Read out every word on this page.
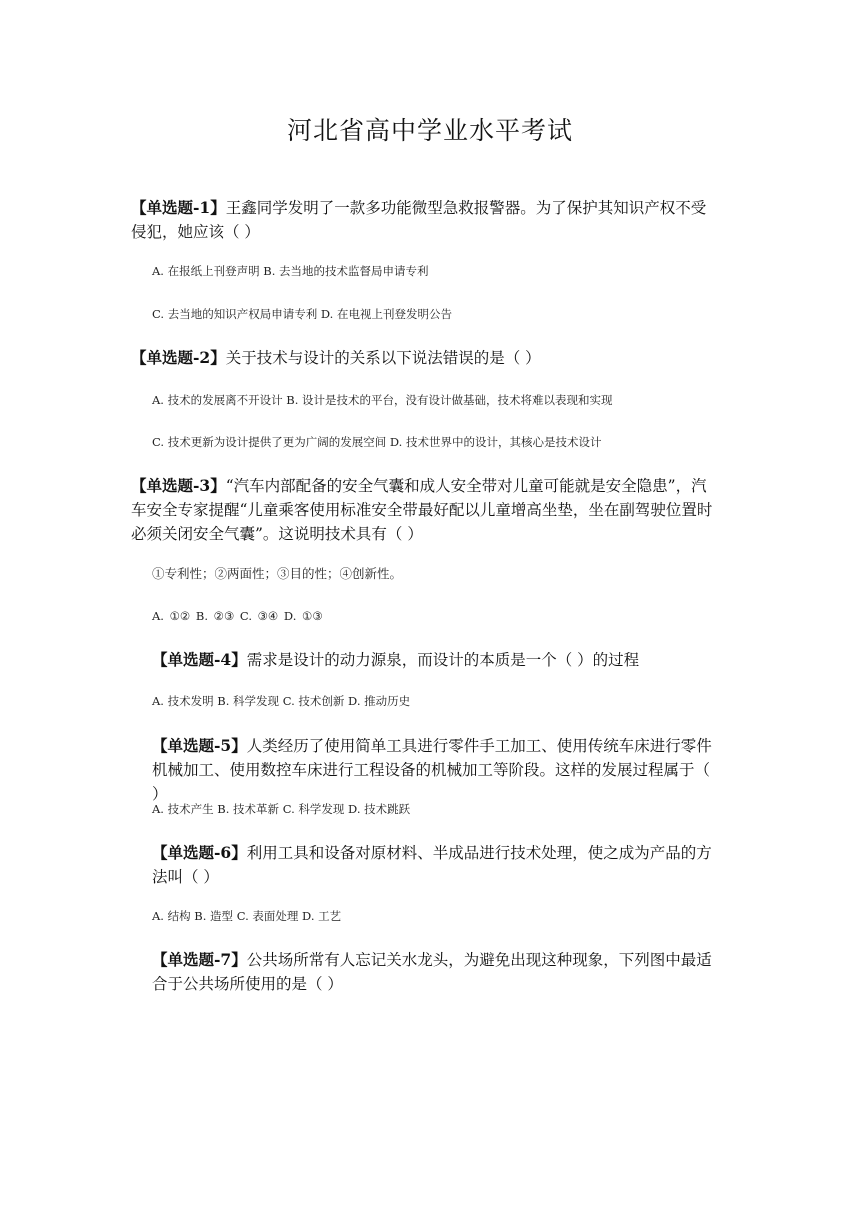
河北省高中学业水平考试
【单选题-1】王鑫同学发明了一款多功能微型急救报警器。为了保护其知识产权不受侵犯，她应该（ ）
A. 在报纸上刊登声明 B. 去当地的技术监督局申请专利
C. 去当地的知识产权局申请专利 D. 在电视上刊登发明公告
【单选题-2】关于技术与设计的关系以下说法错误的是（ ）
A. 技术的发展离不开设计 B. 设计是技术的平台，没有设计做基础，技术将难以表现和实现
C. 技术更新为设计提供了更为广阔的发展空间 D. 技术世界中的设计，其核心是技术设计
【单选题-3】“汽车内部配备的安全气囊和成人安全带对儿童可能就是安全隐患”，汽车安全专家提醒“儿童乘客使用标准安全带最好配以儿童增高坐垫，坐在副驾驶位置时必须关闭安全气囊”。这说明技术具有（ ）
①专利性；②两面性；③目的性；④创新性。
A. ①② B. ②③ C. ③④ D. ①③
【单选题-4】需求是设计的动力源泉，而设计的本质是一个（ ）的过程
A. 技术发明 B. 科学发现 C. 技术创新 D. 推动历史
【单选题-5】人类经历了使用简单工具进行零件手工加工、使用传统车床进行零件机械加工、使用数控车床进行工程设备的机械加工等阶段。这样的发展过程属于（ ）
A. 技术产生 B. 技术革新 C. 科学发现 D. 技术跳跃
【单选题-6】利用工具和设备对原材料、半成品进行技术处理，使之成为产品的方法叫（ ）
A. 结构 B. 造型 C. 表面处理 D. 工艺
【单选题-7】公共场所常有人忘记关水龙头，为避免出现这种现象，下列图中最适合于公共场所使用的是（ ）
